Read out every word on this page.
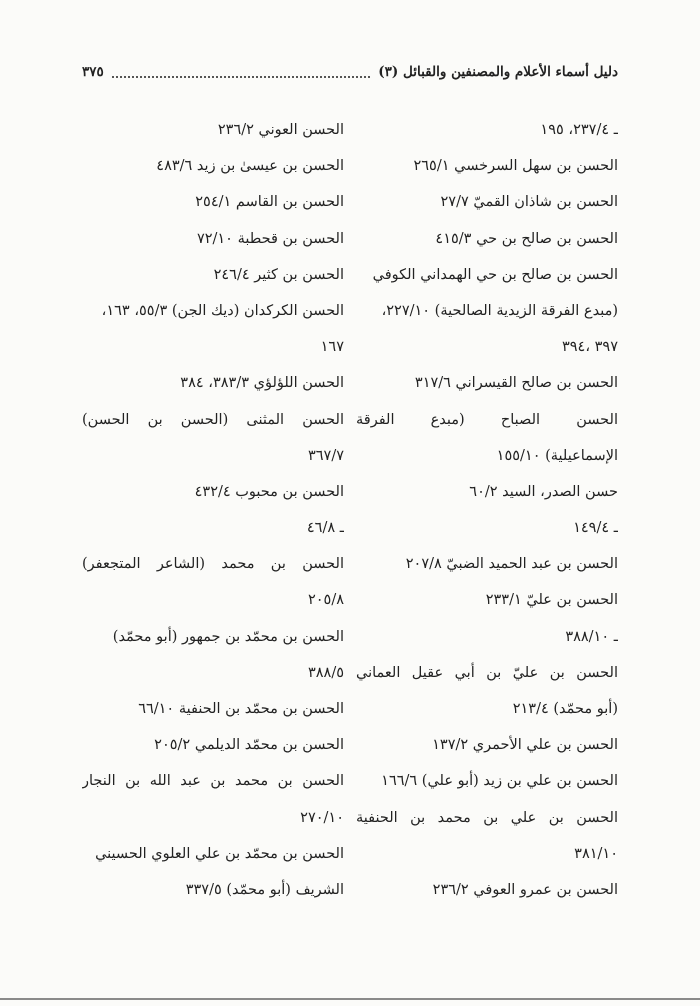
دليل أسماء الأعلام والمصنفين والقبائل (٣)
٣٧٥
ـ ٢٣٧/٤، ١٩٥
الحسن بن سهل السرخسي ٢٦٥/١
الحسن بن شاذان القميّ ٢٧/٧
الحسن بن صالح بن حي ٤١٥/٣
الحسن بن صالح بن حي الهمداني الكوفي
(مبدع الفرقة الزيدية الصالحية) ٢٢٧/١٠،
٣٩٧ ،٣٩٤
الحسن بن صالح القيسراني ٣١٧/٦
الحسن الصباح (مبدع الفرقة
الإسماعيلية) ١٥٥/١٠
حسن الصدر، السيد ٦٠/٢
ـ ١٤٩/٤
الحسن بن عبد الحميد الضبيّ ٢٠٧/٨
الحسن بن عليّ ٢٣٣/١
ـ ٣٨٨/١٠
الحسن بن عليّ بن أبي عقيل العماني
(أبو محمّد) ٢١٣/٤
الحسن بن علي الأحمري ١٣٧/٢
الحسن بن علي بن زيد (أبو علي) ١٦٦/٦
الحسن بن علي بن محمد بن الحنفية
٣٨١/١٠
الحسن بن عمرو العوفي ٢٣٦/٢
الحسن العوني ٢٣٦/٢
الحسن بن عيسىٰ بن زيد ٤٨٣/٦
الحسن بن القاسم ٢٥٤/١
الحسن بن قحطبة ٧٢/١٠
الحسن بن كثير ٢٤٦/٤
الحسن الكركدان (ديك الجن) ٥٥/٣، ١٦٣،
١٦٧
الحسن اللؤلؤي ٣٨٣/٣، ٣٨٤
الحسن المثنى (الحسن بن الحسن)
٣٦٧/٧
الحسن بن محبوب ٤٣٢/٤
ـ ٤٦/٨
الحسن بن محمد (الشاعر المتجعفر)
٢٠٥/٨
الحسن بن محمّد بن جمهور (أبو محمّد)
٣٨٨/٥
الحسن بن محمّد بن الحنفية ٦٦/١٠
الحسن بن محمّد الديلمي ٢٠٥/٢
الحسن بن محمد بن عبد الله بن النجار
٢٧٠/١٠
الحسن بن محمّد بن علي العلوي الحسيني
الشريف (أبو محمّد) ٣٣٧/٥
